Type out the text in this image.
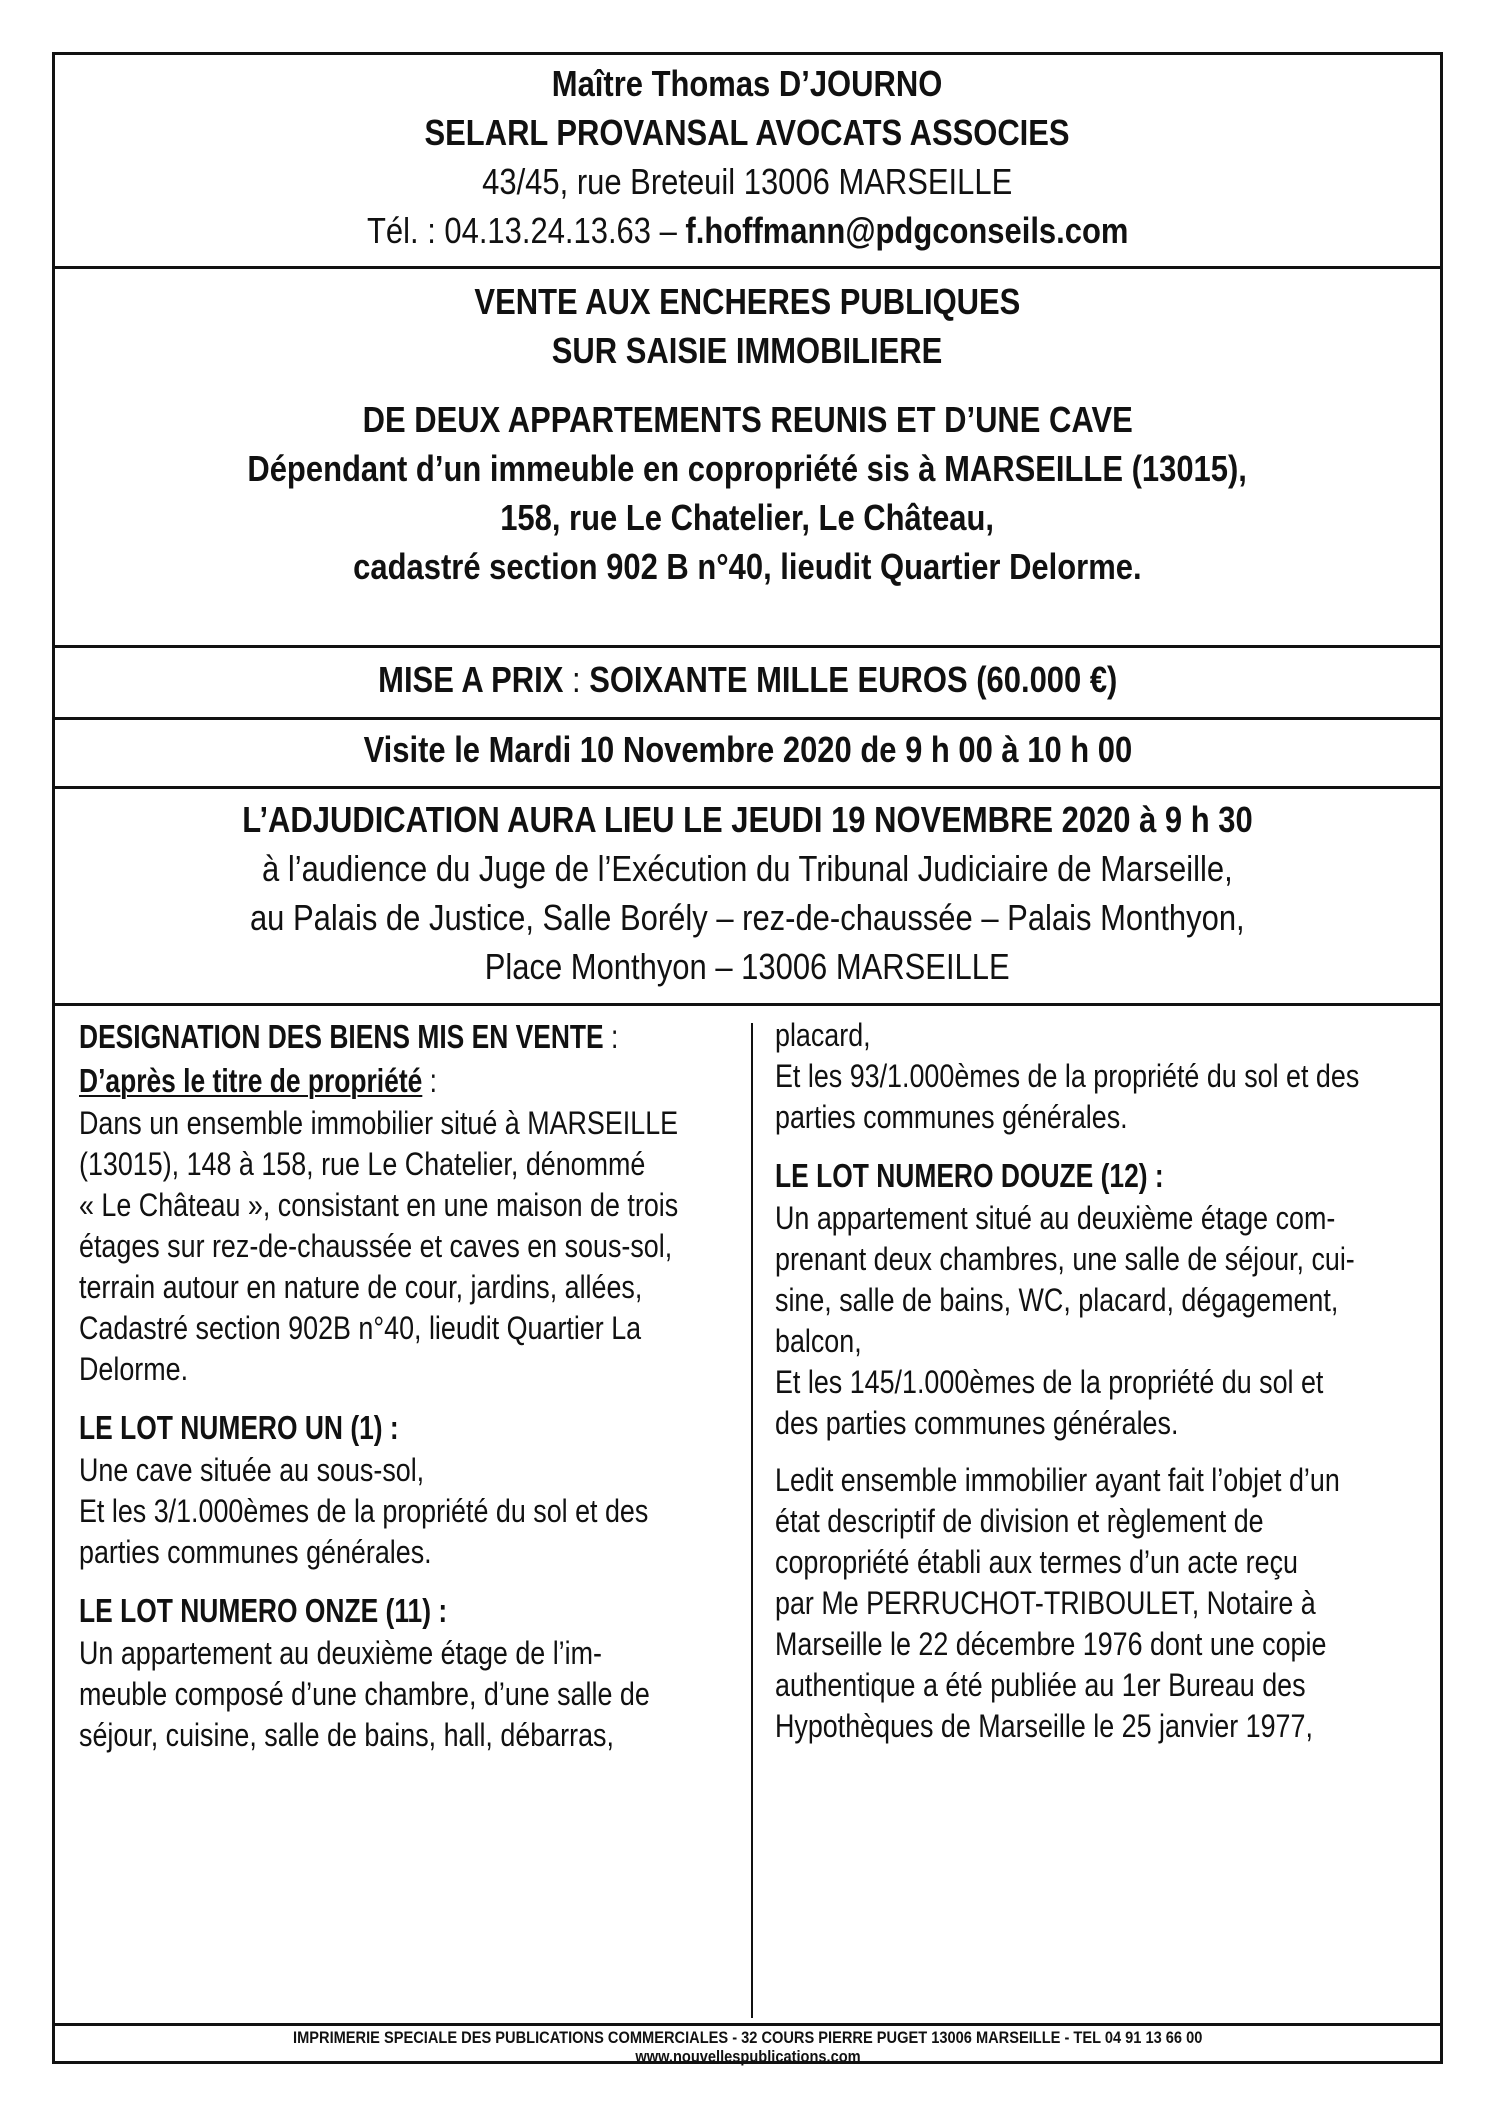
Maître Thomas D’JOURNO
SELARL PROVANSAL AVOCATS ASSOCIES
43/45, rue Breteuil 13006 MARSEILLE
Tél. : 04.13.24.13.63 – f.hoffmann@pdgconseils.com
VENTE AUX ENCHERES PUBLIQUES
SUR SAISIE IMMOBILIERE
DE DEUX APPARTEMENTS REUNIS ET D’UNE CAVE
Dépendant d’un immeuble en copropriété sis à MARSEILLE (13015),
158, rue Le Chatelier, Le Château,
cadastré section 902 B n°40, lieudit Quartier Delorme.
MISE A PRIX : SOIXANTE MILLE EUROS (60.000 €)
Visite le Mardi 10 Novembre 2020 de 9 h 00 à 10 h 00
L’ADJUDICATION AURA LIEU LE JEUDI 19 NOVEMBRE 2020 à 9 h 30
à l’audience du Juge de l’Exécution du Tribunal Judiciaire de Marseille,
au Palais de Justice, Salle Borély – rez-de-chaussée – Palais Monthyon,
Place Monthyon – 13006 MARSEILLE
DESIGNATION DES BIENS MIS EN VENTE :
D’après le titre de propriété :
Dans un ensemble immobilier situé à MARSEILLE
(13015), 148 à 158, rue Le Chatelier, dénommé
« Le Château », consistant en une maison de trois
étages sur rez-de-chaussée et caves en sous-sol,
terrain autour en nature de cour, jardins, allées,
Cadastré section 902B n°40, lieudit Quartier La
Delorme.
LE LOT NUMERO UN (1) :
Une cave située au sous-sol,
Et les 3/1.000èmes de la propriété du sol et des
parties communes générales.
LE LOT NUMERO ONZE (11) :
Un appartement au deuxième étage de l’im-
meuble composé d’une chambre, d’une salle de
séjour, cuisine, salle de bains, hall, débarras,
placard,
Et les 93/1.000èmes de la propriété du sol et des
parties communes générales.
LE LOT NUMERO DOUZE (12) :
Un appartement situé au deuxième étage com-
prenant deux chambres, une salle de séjour, cui-
sine, salle de bains, WC, placard, dégagement,
balcon,
Et les 145/1.000èmes de la propriété du sol et
des parties communes générales.
Ledit ensemble immobilier ayant fait l’objet d’un
état descriptif de division et règlement de
copropriété établi aux termes d’un acte reçu
par Me PERRUCHOT-TRIBOULET, Notaire à
Marseille le 22 décembre 1976 dont une copie
authentique a été publiée au 1er Bureau des
Hypothèques de Marseille le 25 janvier 1977,
IMPRIMERIE SPECIALE DES PUBLICATIONS COMMERCIALES - 32 COURS PIERRE PUGET 13006 MARSEILLE - TEL 04 91 13 66 00
www.nouvellespublications.com
